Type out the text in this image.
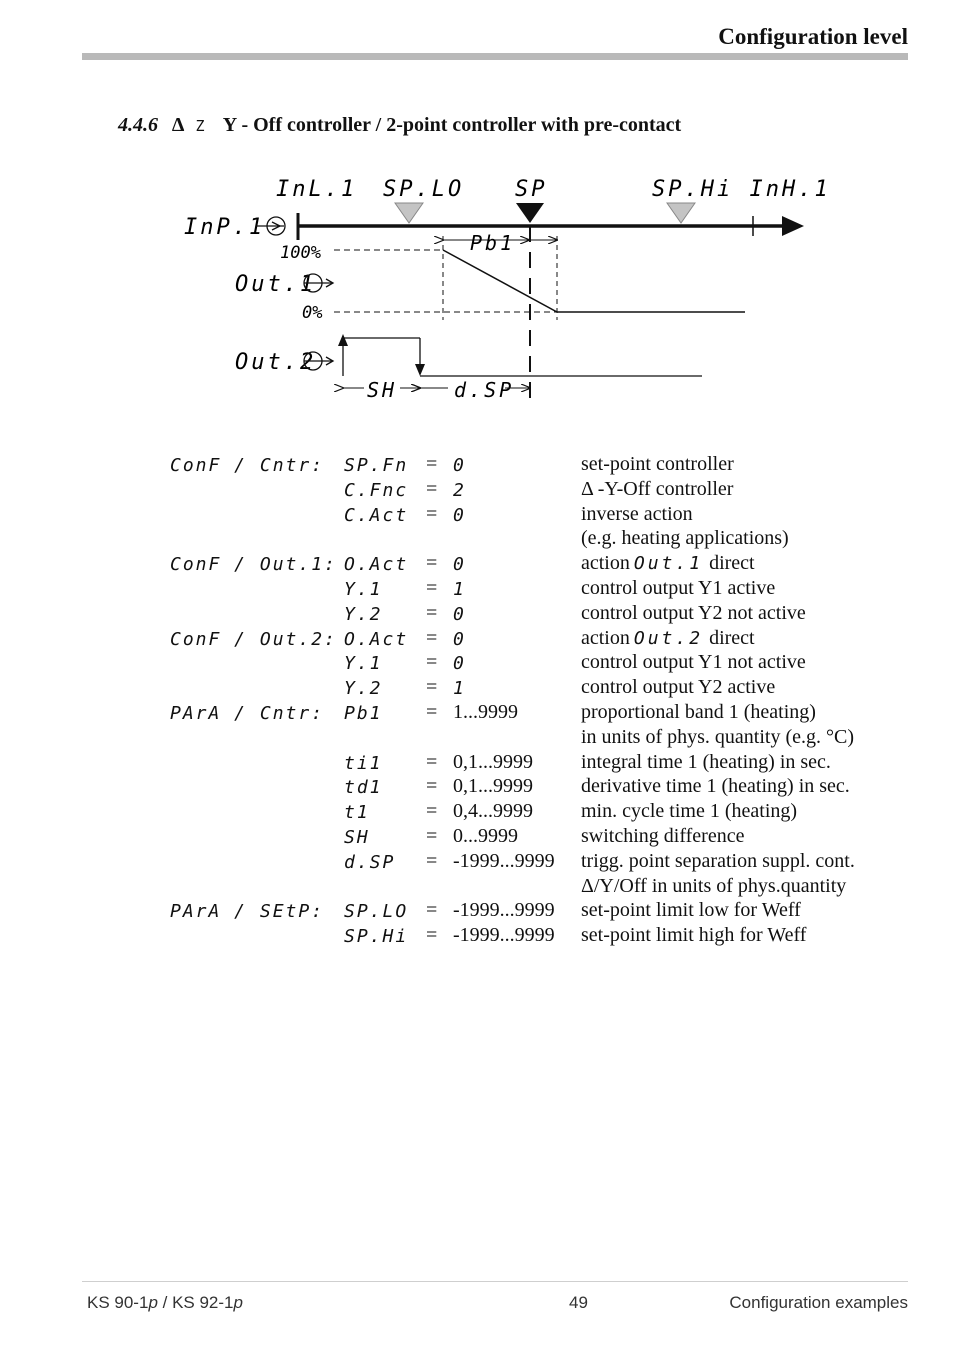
Configuration level
4.4.6 Δ Z Y - Off controller / 2-point controller with pre-contact
InL.1 SP.LO SP	SP.Hi InH.1
InP.1
Pb1
100%
0%
Out.1
Out.2
SH	d.SP
ConF / Cntr: SP.Fn = 0	set-point controller
C.Fnc = 2	Δ -Y-Off controller
C.Act = 0	inverse action
(e.g. heating applications)
ConF / Out.1: O.Act = 0	action Out.1 direct
Y.1 = 1	control output Y1 active
Y.2 = 0	control output Y2 not active
ConF / Out.2: O.Act = 0	action Out.2 direct
Y.1 = 0	control output Y1 not active
Y.2 = 1	control output Y2 active
PArA / Cntr: Pb1 = 1...9999	proportional band 1 (heating)
in units of phys. quantity (e.g. °C)
ti1 = 0,1...9999 integral time 1 (heating) in sec.
td1 = 0,1...9999 derivative time 1 (heating) in sec.
t1	= 0,4...9999 min. cycle time 1 (heating)
SH	= 0...9999	switching difference
d.SP = -1999...9999 trigg. point separation suppl. cont.
Δ/Y/Off in units of phys.quantity
PArA / SEtP: SP.LO = -1999...9999 set-point limit low for Weff
SP.Hi = -1999...9999 set-point limit high for Weff
KS 90-1p / KS 92-1p	49	Configuration examples
